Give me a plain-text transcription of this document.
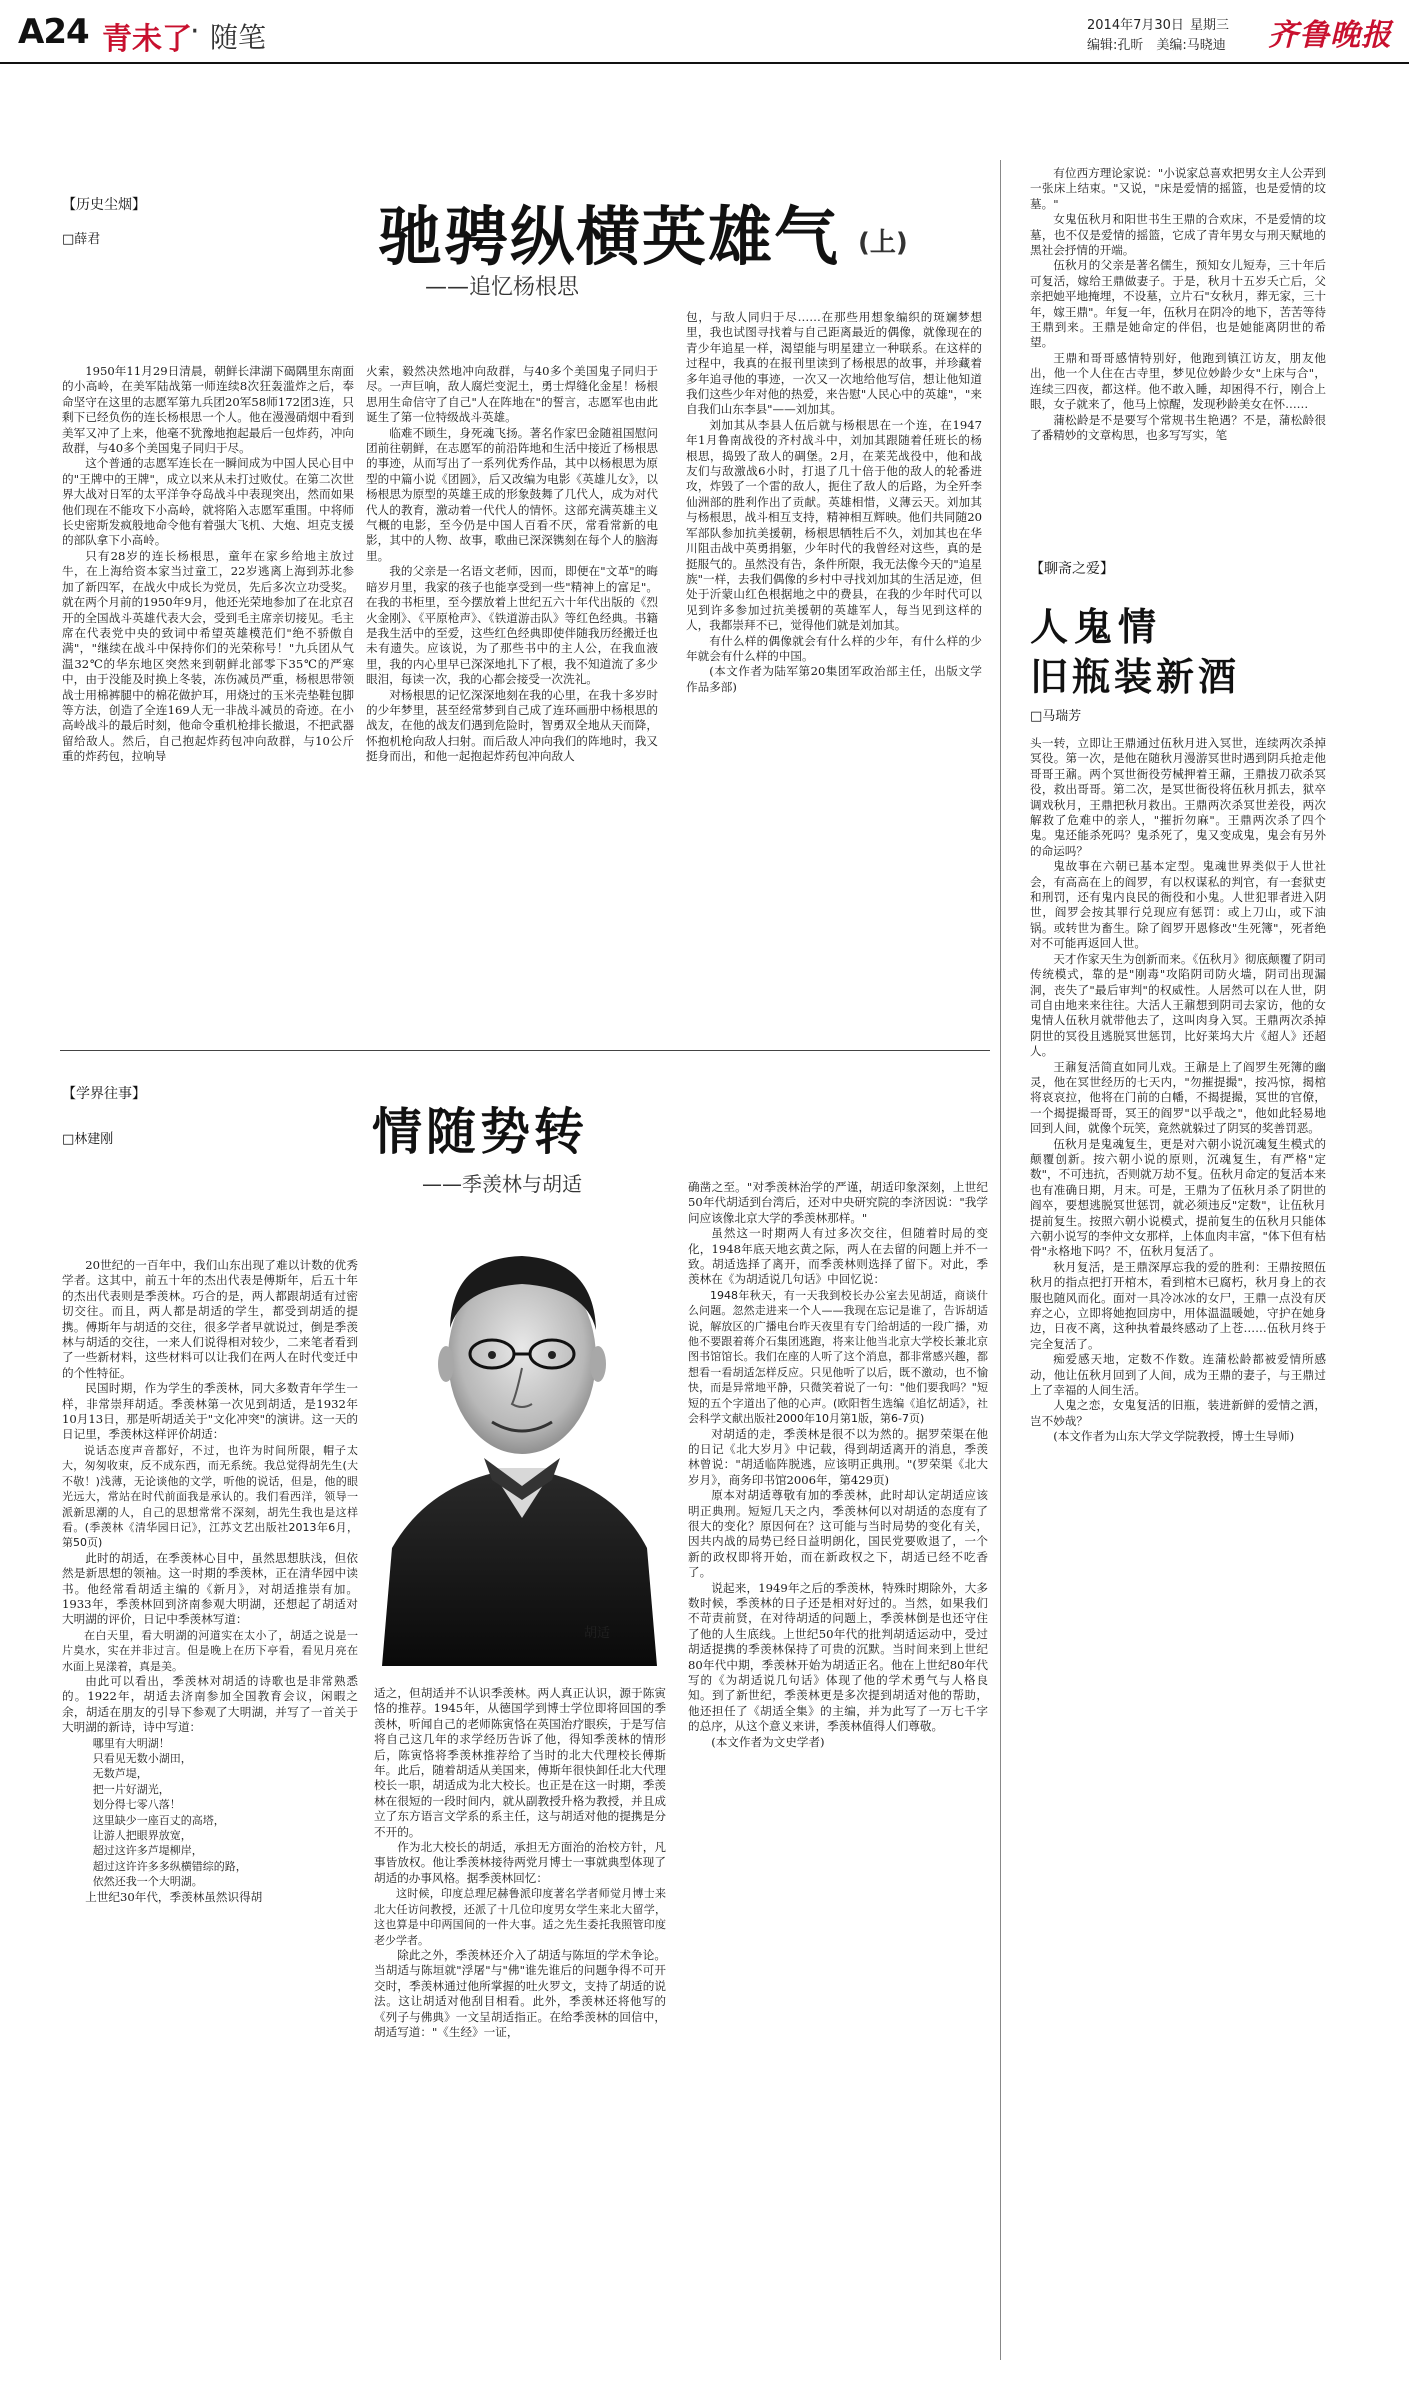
A24 青未了
· 随笔	2014年7月30日 星期三
编辑:孔昕　美编:马晓迪 齐鲁晚报
【历史尘烟】
□薛君	驰骋纵横英雄气 (上)
——追忆杨根思

1950年11月29日清晨，朝鲜长津湖下碣隅里东南面的小高岭，在美军陆战第一师连续8次狂轰滥炸之后，奉命坚守在这里的志愿军第九兵团20军58师172团3连，只剩下已经负伤的连长杨根思一个人。他在漫漫硝烟中看到美军又冲了上来，他毫不犹豫地抱起最后一包炸药，冲向敌群，与40多个美国鬼子同归于尽。

这个普通的志愿军连长在一瞬间成为中国人民心目中的"王牌中的王牌"，成立以来从未打过败仗。在第二次世界大战对日军的太平洋争夺岛战斗中表现突出，然而如果他们现在不能攻下小高岭，就将陷入志愿军重围。中将师长史密斯发疯般地命令他有着强大飞机、大炮、坦克支援的部队拿下小高岭。

只有28岁的连长杨根思，童年在家乡给地主放过牛，在上海给资本家当过童工，22岁逃离上海到苏北参加了新四军，在战火中成长为党员，先后多次立功受奖。就在两个月前的1950年9月，他还光荣地参加了在北京召开的全国战斗英雄代表大会，受到毛主席亲切接见。毛主席在代表党中央的致词中希望英雄模范们"绝不骄傲自满"，"继续在战斗中保持你们的光荣称号！"九兵团从气温32℃的华东地区突然来到朝鲜北部零下35℃的严寒中，由于没能及时换上冬装，冻伤减员严重，杨根思带领战士用棉裤腿中的棉花做护耳，用烧过的玉米壳垫鞋包脚等方法，创造了全连169人无一非战斗减员的奇迹。在小高岭战斗的最后时刻，他命令重机枪排长撤退，不把武器留给敌人。然后，自己抱起炸药包冲向敌群，与10公斤重的炸药包，拉响导

火索，毅然决然地冲向敌群，与40多个美国鬼子同归于尽。一声巨响，敌人腐烂变泥土，勇士焊缝化金星！杨根思用生命信守了自己"人在阵地在"的誓言，志愿军也由此诞生了第一位特级战斗英雄。

临难不顾生，身死魂飞扬。著名作家巴金随祖国慰问团前往朝鲜，在志愿军的前沿阵地和生活中接近了杨根思的事迹，从而写出了一系列优秀作品，其中以杨根思为原型的中篇小说《团圆》，后又改编为电影《英雄儿女》，以杨根思为原型的英雄王成的形象鼓舞了几代人，成为对代代人的教育，激动着一代代人的情怀。这部充满英雄主义气概的电影，至今仍是中国人百看不厌，常看常新的电影，其中的人物、故事，歌曲已深深镌刻在每个人的脑海里。

我的父亲是一名语文老师，因而，即便在"文革"的晦暗岁月里，我家的孩子也能享受到一些"精神上的富足"。在我的书柜里，至今摆放着上世纪五六十年代出版的《烈火金刚》、《平原枪声》、《铁道游击队》等红色经典。书籍是我生活中的至爱，这些红色经典即使伴随我历经搬迁也未有遗失。应该说，为了那些书中的主人公，在我血液里，我的内心里早已深深地扎下了根，我不知道流了多少眼泪，每读一次，我的心都会接受一次洗礼。

对杨根思的记忆深深地刻在我的心里，在我十多岁时的少年梦里，甚至经常梦到自己成了连环画册中杨根思的战友，在他的战友们遇到危险时，智勇双全地从天而降，怀抱机枪向敌人扫射。而后敌人冲向我们的阵地时，我又挺身而出，和他一起抱起炸药包冲向敌人

包，与敌人同归于尽……在那些用想象编织的斑斓梦想里，我也试图寻找着与自己距离最近的偶像，就像现在的青少年追星一样，渴望能与明星建立一种联系。在这样的过程中，我真的在报刊里读到了杨根思的故事，并珍藏着多年追寻他的事迹，一次又一次地给他写信，想让他知道我们这些少年对他的热爱，来告慰"人民心中的英雄"，"来自我们山东李县"——刘加其。

刘加其从李县人伍后就与杨根思在一个连，在1947年1月鲁南战役的齐村战斗中，刘加其跟随着任班长的杨根思，捣毁了敌人的碉堡。2月，在莱芜战役中，他和战友们与敌激战6小时，打退了几十倍于他的敌人的轮番进攻，炸毁了一个雷的敌人，扼住了敌人的后路，为全歼李仙洲部的胜利作出了贡献。英雄相惜，义薄云天。刘加其与杨根思，战斗相互支持，精神相互辉映。他们共同随20军部队参加抗美援朝，杨根思牺牲后不久，刘加其也在华川阻击战中英勇捐躯，少年时代的我曾经对这些，真的是挺服气的。虽然没有告，条件所限，我无法像今天的"追星族"一样，去我们偶像的乡村中寻找刘加其的生活足迹，但处于沂蒙山红色根据地之中的费县，在我的少年时代可以见到许多参加过抗美援朝的英雄军人，每当见到这样的人，我都崇拜不已，觉得他们就是刘加其。

有什么样的偶像就会有什么样的少年，有什么样的少年就会有什么样的中国。

(本文作者为陆军第20集团军政治部主任，出版文学作品多部)

【学界往事】
□林建刚	情随势转
——季羡林与胡适

20世纪的一百年中，我们山东出现了难以计数的优秀学者。这其中，前五十年的杰出代表是傅斯年，后五十年的杰出代表则是季羡林。巧合的是，两人都跟胡适有过密切交往。而且，两人都是胡适的学生，都受到胡适的提携。傅斯年与胡适的交往，很多学者早就说过，倒是季羡林与胡适的交往，一来人们说得相对较少，二来笔者看到了一些新材料，这些材料可以让我们在两人在时代变迁中的个性特征。

民国时期，作为学生的季羡林，同大多数青年学生一样，非常崇拜胡适。季羡林第一次见到胡适，是1932年10月13日，那是听胡适关于"文化冲突"的演讲。这一天的日记里，季羡林这样评价胡适：

说话态度声音都好，不过，也许为时间所限，帽子太大，匆匆收束，反不成东西，而无系统。我总觉得胡先生(大不敬！)浅薄，无论谈他的文学，听他的说话，但是，他的眼光远大，常站在时代前面我是承认的。我们看西洋，领导一派新思潮的人，自己的思想常常不深刻，胡先生我也是这样看。(季羡林《清华园日记》，江苏文艺出版社2013年6月，第50页)

此时的胡适，在季羡林心目中，虽然思想肤浅，但依然是新思想的领袖。这一时期的季羡林，正在清华园中读书。他经常看胡适主编的《新月》，对胡适推崇有加。1933年，季羡林回到济南参观大明湖，还想起了胡适对大明湖的评价，日记中季羡林写道：

在白天里，看大明湖的河道实在太小了，胡适之说是一片臭水，实在并非过言。但是晚上在历下亭看，看见月亮在水面上晃漾着，真是美。

由此可以看出，季羡林对胡适的诗歌也是非常熟悉的。1922年，胡适去济南参加全国教育会议，闲暇之余，胡适在朋友的引导下参观了大明湖，并写了一首关于大明湖的新诗，诗中写道：

哪里有大明湖！

只看见无数小湖田，

无数芦堤，

把一片好湖光，

划分得七零八落！

这里缺少一座百丈的高塔，

让游人把眼界放宽，

超过这许多芦堤柳岸，

超过这许许多多纵横错综的路，

依然还我一个大明湖。

上世纪30年代，季羡林虽然识得胡

胡适

确凿之至。"对季羡林治学的严谨，胡适印象深刻，上世纪50年代胡适到台湾后，还对中央研究院的李济因说："我学问应该像北京大学的季羡林那样。"

虽然这一时期两人有过多次交往，但随着时局的变化，1948年底天地玄黄之际，两人在去留的问题上并不一致。胡适选择了离开，而季羡林则选择了留下。对此，季羡林在《为胡适说几句话》中回忆说：

1948年秋天，有一天我到校长办公室去见胡适，商谈什么问题。忽然走进来一个人——我现在忘记是谁了，告诉胡适说，解放区的广播电台昨天夜里有专门给胡适的一段广播，劝他不要跟着蒋介石集团逃跑，将来让他当北京大学校长兼北京图书馆馆长。我们在座的人听了这个消息，都非常感兴趣，都想看一看胡适怎样反应。只见他听了以后，既不激动，也不愉快，而是异常地平静，只微笑着说了一句："他们要我吗？"短短的五个字道出了他的心声。(欧阳哲生选编《追忆胡适》，社会科学文献出版社2000年10月第1版，第6-7页)

对胡适的走，季羡林是很不以为然的。据罗荣渠在他的日记《北大岁月》中记载，得到胡适离开的消息，季羡林曾说："胡适临阵脱逃，应该明正典刑。"(罗荣渠《北大岁月》，商务印书馆2006年，第429页)

原本对胡适尊敬有加的季羡林，此时却认定胡适应该明正典刑。短短几天之内，季羡林何以对胡适的态度有了很大的变化？原因何在？这可能与当时局势的变化有关，因共内战的局势已经日益明朗化，国民党要败退了，一个新的政权即将开始，而在新政权之下，胡适已经不吃香了。

说起来，1949年之后的季羡林，特殊时期除外，大多数时候，季羡林的日子还是相对好过的。当然，如果我们不苛责前贤，在对待胡适的问题上，季羡林倒是也还守住了他的人生底线。上世纪50年代的批判胡适运动中，受过胡适提携的季羡林保持了可贵的沉默。当时间来到上世纪80年代中期，季羡林开始为胡适正名。他在上世纪80年代写的《为胡适说几句话》体现了他的学术勇气与人格良知。到了新世纪，季羡林更是多次提到胡适对他的帮助，他还担任了《胡适全集》的主编，并为此写了一万七千字的总序，从这个意义来讲，季羡林值得人们尊敬。

(本文作者为文史学者)

适之，但胡适并不认识季羡林。两人真正认识，源于陈寅恪的推荐。1945年，从德国学到博士学位即将回国的季羡林，听闻自己的老师陈寅恪在英国治疗眼疾，于是写信将自己这几年的求学经历告诉了他，得知季羡林的情形后，陈寅恪将季羡林推荐给了当时的北大代理校长傅斯年。此后，随着胡适从美国来，傅斯年很快卸任北大代理校长一职，胡适成为北大校长。也正是在这一时期，季羡林在很短的一段时间内，就从副教授升格为教授，并且成立了东方语言文学系的系主任，这与胡适对他的提携是分不开的。

作为北大校长的胡适，承担无方面治的治校方针，凡事皆放权。他让季羡林接待两党月博士一事就典型体现了胡适的办事风格。据季羡林回忆：

这时候，印度总理尼赫鲁派印度著名学者师觉月博士来北大任访问教授，还派了十几位印度男女学生来北大留学，这也算是中印两国间的一件大事。适之先生委托我照管印度老少学者。

除此之外，季羡林还介入了胡适与陈垣的学术争论。当胡适与陈垣就"浮屠"与"佛"谁先谁后的问题争得不可开交时，季羡林通过他所掌握的吐火罗文，支持了胡适的说法。这让胡适对他刮目相看。此外，季羡林还将他写的《列子与佛典》一文呈胡适指正。在给季羡林的回信中，胡适写道："《生经》一证，

有位西方理论家说："小说家总喜欢把男女主人公弄到一张床上结束。"又说，"床是爱情的摇篮，也是爱情的坟墓。"

女鬼伍秋月和阳世书生王鼎的合欢床，不是爱情的坟墓，也不仅是爱情的摇篮，它成了青年男女与刑天赋地的黑社会抒情的开端。

伍秋月的父亲是著名儒生，预知女儿短寿，三十年后可复活，嫁给王鼎做妻子。于是，秋月十五岁夭亡后，父亲把她平地掩埋，不设墓，立片石"女秋月，葬无家，三十年，嫁王鼎"。年复一年，伍秋月在阴冷的地下，苦苦等待王鼎到来。王鼎是她命定的伴侣，也是她能离阴世的希望。

王鼎和哥哥感情特别好，他跑到镇江访友，朋友他出，他一个人住在古寺里，梦见位妙龄少女"上床与合"，连续三四夜，都这样。他不敢入睡，却困得不行，刚合上眼，女子就来了，他马上惊醒，发现秒龄美女在怀……

蒲松龄是不是要写个常规书生艳遇？不是，蒲松龄很了番精妙的文章构思，也多写写实，笔

【聊斋之爱】
人鬼情
旧瓶装新酒
□马瑞芳

头一转，立即让王鼎通过伍秋月进入冥世，连续两次杀掉冥役。第一次，是他在随秋月漫游冥世时遇到阴兵抢走他哥哥王鼐。两个冥世衙役劳械押着王鼐，王鼎拔刀砍杀冥役，救出哥哥。第二次，是冥世衙役将伍秋月抓去，狱卒调戏秋月，王鼎把秋月救出。王鼎两次杀冥世差役，两次解救了危难中的亲人，"摧折勿麻"。王鼎两次杀了四个鬼。鬼还能杀死吗？鬼杀死了，鬼又变成鬼，鬼会有另外的命运吗？

鬼故事在六朝已基本定型。鬼魂世界类似于人世社会，有高高在上的阎罗，有以权谋私的判官，有一套狱吏和刑罚，还有鬼内良民的衙役和小鬼。人世犯罪者进入阴世，阎罗会按其罪行兑现应有惩罚：或上刀山，或下油锅。或转世为畜生。除了阎罗开恩修改"生死簿"，死者绝对不可能再返回人世。

天才作家天生为创新而来。《伍秋月》彻底颠覆了阴司传统模式，靠的是"刚毒"攻陷阴司防火墙，阴司出现漏洞，丧失了"最后审判"的权威性。人居然可以在人世，阴司自由地来来往往。大活人王鼐想到阴司去家访，他的女鬼情人伍秋月就带他去了，这叫肉身入冥。王鼎两次杀掉阴世的冥役且逃脱冥世惩罚，比好莱坞大片《超人》还超人。

王鼐复活简直如同儿戏。王鼐是上了阎罗生死簿的幽灵，他在冥世经历的七天内，"勿摧提撮"，按冯惊，揭棺将哀哀拉，他将在门前的白幡，不揭提撮，冥世的官僚，一个揭提撮哥哥，冥王的阎罗"以乎哉之"，他如此轻易地回到人间，就像个玩笑，竟然就躲过了阴冥的奖善罚恶。

伍秋月是鬼魂复生，更是对六朝小说沉魂复生模式的颠覆创新。按六朝小说的原则，沉魂复生，有严格"定数"，不可违抗，否则就万劫不复。伍秋月命定的复活本来也有准确日期，月末。可是，王鼎为了伍秋月杀了阴世的阎卒，要想逃脱冥世惩罚，就必须违反"定数"，让伍秋月提前复生。按照六朝小说模式，提前复生的伍秋月只能体六朝小说写的李仲文女那样，上体血肉丰富，"体下但有枯骨"永格地下吗？不，伍秋月复活了。

秋月复活，是王鼎深厚忘我的爱的胜利：王鼎按照伍秋月的指点把打开棺木，看到棺木已腐朽，秋月身上的衣服也随风而化。面对一具冷冰冰的女尸，王鼎一点没有厌弃之心，立即将她抱回房中，用体温温暖她，守护在她身边，日夜不离，这种执着最终感动了上苍……伍秋月终于完全复活了。

痴爱感天地，定数不作数。连蒲松龄都被爱情所感动，他让伍秋月回到了人间，成为王鼎的妻子，与王鼎过上了幸福的人间生活。

人鬼之恋，女鬼复活的旧瓶，装进新鲜的爱情之酒，岂不妙哉？

(本文作者为山东大学文学院教授，博士生导师)
